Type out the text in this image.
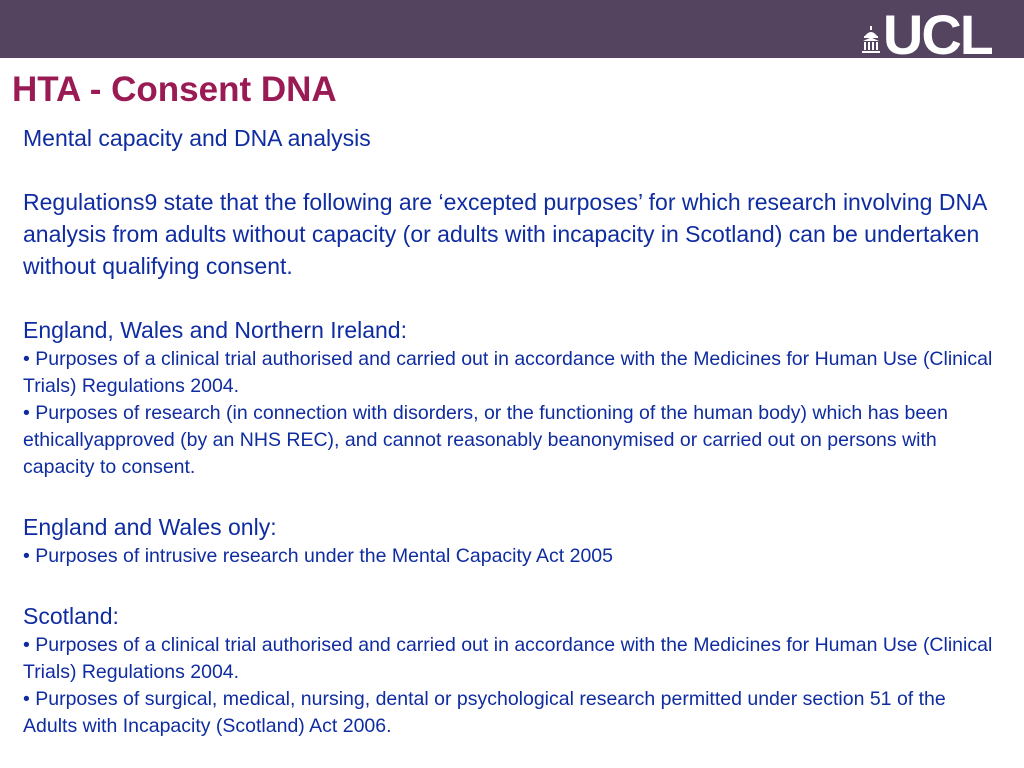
UCL
HTA - Consent DNA

Mental capacity and DNA analysis

Regulations9 state that the following are ‘excepted purposes’ for which research involving DNA analysis from adults without capacity (or adults with incapacity in Scotland) can be undertaken without qualifying consent.

England, Wales and Northern Ireland:

• Purposes of a clinical trial authorised and carried out in accordance with the Medicines for Human Use (Clinical Trials) Regulations 2004.

• Purposes of research (in connection with disorders, or the functioning of the human body) which has been ethicallyapproved (by an NHS REC), and cannot reasonably beanonymised or carried out on persons with capacity to consent.

England and Wales only:

• Purposes of intrusive research under the Mental Capacity Act 2005

Scotland:

• Purposes of a clinical trial authorised and carried out in accordance with the Medicines for Human Use (Clinical Trials) Regulations 2004.

• Purposes of surgical, medical, nursing, dental or psychological research permitted under section 51 of the Adults with Incapacity (Scotland) Act 2006.
